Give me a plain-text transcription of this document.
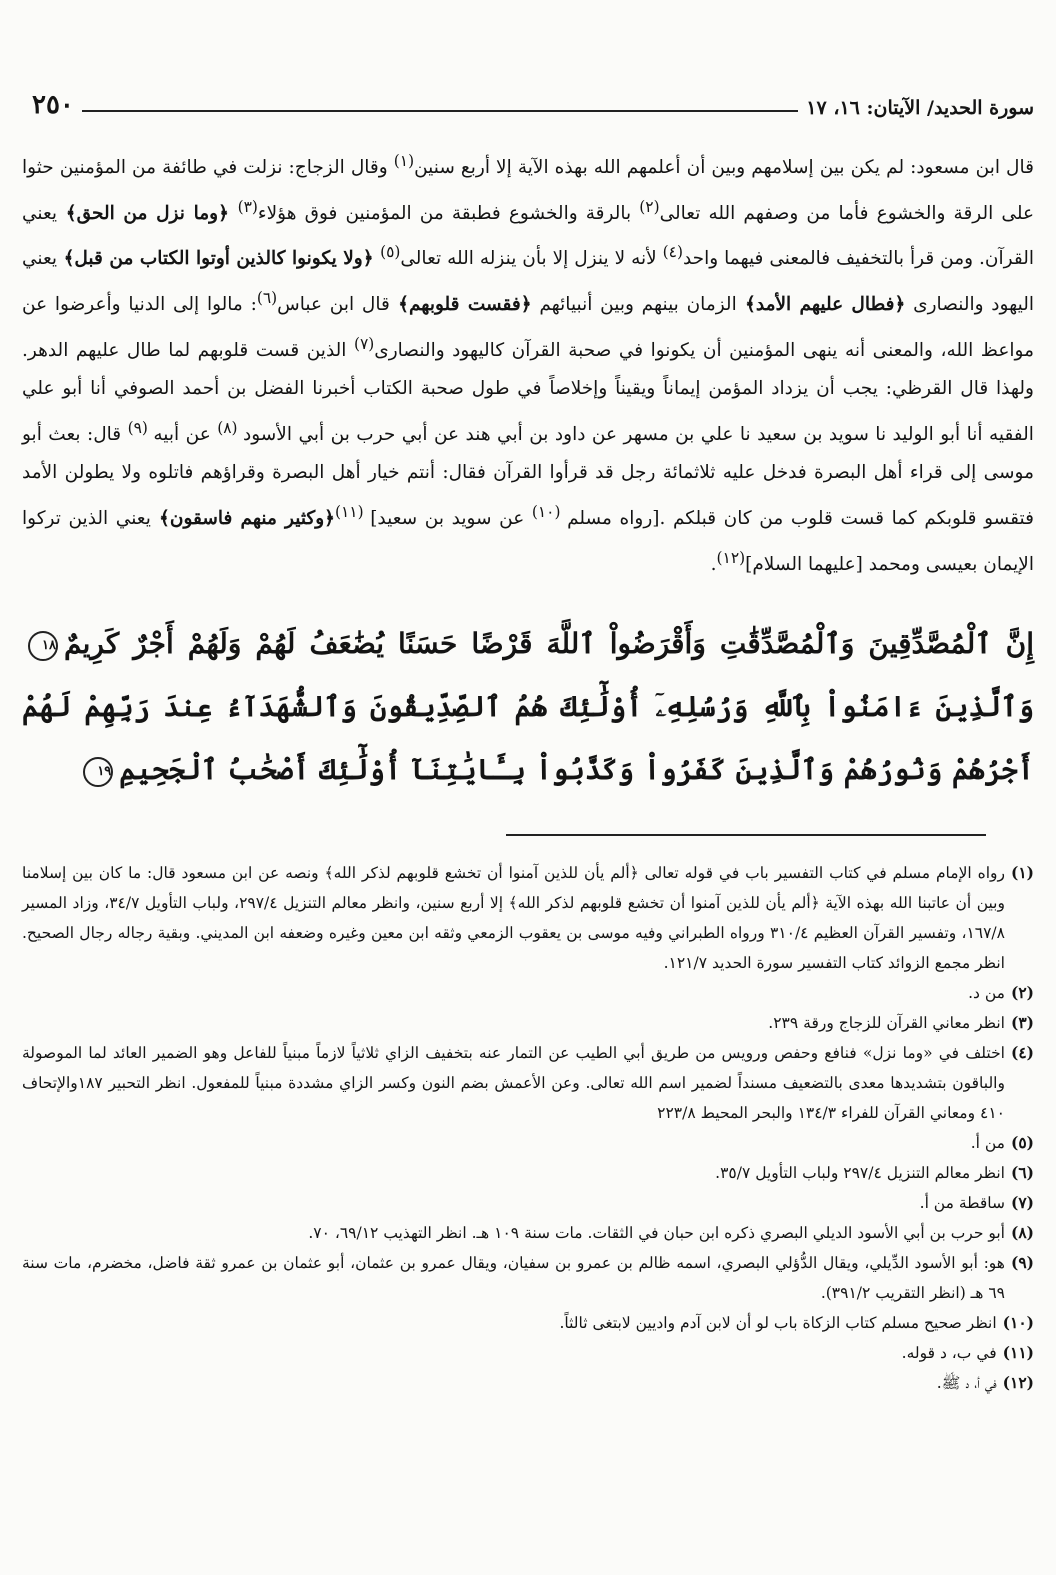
سورة الحديد/ الآيتان: ١٦، ١٧
٢٥٠

قال ابن مسعود: لم يكن بين إسلامهم وبين أن أعلمهم الله بهذه الآية إلا أربع سنين$^{(١)}$ وقال الزجاج: نزلت في طائفة من المؤمنين حثوا على الرقة والخشوع فأما من وصفهم الله تعالى$^{(٢)}$ بالرقة والخشوع فطبقة من المؤمنين فوق هؤلاء$^{(٣)}$ ﴿وما نزل من الحق﴾ يعني القرآن. ومن قرأ بالتخفيف فالمعنى فيهما واحد$^{(٤)}$ لأنه لا ينزل إلا بأن ينزله الله تعالى$^{(٥)}$ ﴿ولا يكونوا كالذين أوتوا الكتاب من قبل﴾ يعني اليهود والنصارى ﴿فطال عليهم الأمد﴾ الزمان بينهم وبين أنبيائهم ﴿فقست قلوبهم﴾ قال ابن عباس$^{(٦)}$: مالوا إلى الدنيا وأعرضوا عن مواعظ الله، والمعنى أنه ينهى المؤمنين أن يكونوا في صحبة القرآن كاليهود والنصارى$^{(٧)}$ الذين قست قلوبهم لما طال عليهم الدهر. ولهذا قال القرظي: يجب أن يزداد المؤمن إيماناً ويقيناً وإخلاصاً في طول صحبة الكتاب أخبرنا الفضل بن أحمد الصوفي أنا أبو علي الفقيه أنا أبو الوليد نا سويد بن سعيد نا علي بن مسهر عن داود بن أبي هند عن أبي حرب بن أبي الأسود $^{(٨)}$ عن أبيه $^{(٩)}$ قال: بعث أبو موسى إلى قراء أهل البصرة فدخل عليه ثلاثمائة رجل قد قرأوا القرآن فقال: أنتم خيار أهل البصرة وقراؤهم فاتلوه ولا يطولن الأمد فتقسو قلوبكم كما قست قلوب من كان قبلكم .[رواه مسلم $^{(١٠)}$ عن سويد بن سعيد] $^{(١١)}$﴿وكثير منهم فاسقون﴾ يعني الذين تركوا الإيمان بعيسى ومحمد [عليهما السلام]$^{(١٢)}$.

إِنَّ ٱلْمُصَّدِّقِينَ وَٱلْمُصَّدِّقَٰتِ وَأَقْرَضُواْ ٱللَّهَ قَرْضًا حَسَنًا يُضَٰعَفُ لَهُمْ وَلَهُمْ أَجْرٌ كَرِيمٌ١٨وَٱلَّذِينَ ءَامَنُواْ بِٱللَّهِ وَرُسُلِهِۦٓ أُوْلَٰٓئِكَ هُمُ ٱلصِّدِّيقُونَ وَٱلشُّهَدَآءُ عِندَ رَبِّهِمْ لَهُمْ أَجْرُهُمْ وَنُورُهُمْ وَٱلَّذِينَ كَفَرُواْ وَكَذَّبُواْ بِـَٔايَٰتِنَآ أُوْلَٰٓئِكَ أَصْحَٰبُ ٱلْجَحِيمِ١٩
(١)
رواه الإمام مسلم في كتاب التفسير باب في قوله تعالى ﴿ألم يأن للذين آمنوا أن تخشع قلوبهم لذكر الله﴾ ونصه عن ابن مسعود قال: ما كان بين إسلامنا وبين أن عاتبنا الله بهذه الآية ﴿ألم يأن للذين آمنوا أن تخشع قلوبهم لذكر الله﴾ إلا أربع سنين، وانظر معالم التنزيل ٢٩٧/٤، ولباب التأويل ٣٤/٧، وزاد المسير ١٦٧/٨، وتفسير القرآن العظيم ٣١٠/٤ ورواه الطبراني وفيه موسى بن يعقوب الزمعي وثقه ابن معين وغيره وضعفه ابن المديني. وبقية رجاله رجال الصحيح. انظر مجمع الزوائد كتاب التفسير سورة الحديد ١٢١/٧.
(٢)
من د.
(٣)
انظر معاني القرآن للزجاج ورقة ٢٣٩.
(٤)
اختلف في «وما نزل» فنافع وحفص ورويس من طريق أبي الطيب عن التمار عنه بتخفيف الزاي ثلاثياً لازماً مبنياً للفاعل وهو الضمير العائد لما الموصولة والباقون بتشديدها معدى بالتضعيف مسنداً لضمير اسم الله تعالى. وعن الأعمش بضم النون وكسر الزاي مشددة مبنياً للمفعول. انظر التحبير ١٨٧والإتحاف ٤١٠ ومعاني القرآن للفراء ١٣٤/٣ والبحر المحيط ٢٢٣/٨
(٥)
من أ.
(٦)
انظر معالم التنزيل ٢٩٧/٤ ولباب التأويل ٣٥/٧.
(٧)
ساقطة من أ.
(٨)
أبو حرب بن أبي الأسود الديلي البصري ذكره ابن حبان في الثقات. مات سنة ١٠٩ هـ. انظر التهذيب ٦٩/١٢، ٧٠.
(٩)
هو: أبو الأسود الدِّيلي، ويقال الدُّؤلي البصري، اسمه ظالم بن عمرو بن سفيان، ويقال عمرو بن عثمان، أبو عثمان بن عمرو ثقة فاضل، مخضرم، مات سنة ٦٩ هـ (انظر التقريب ٣٩١/٢).
(١٠)
انظر صحيح مسلم كتاب الزكاة باب لو أن لابن آدم واديين لابتغى ثالثاً.
(١١)
في ب، د قوله.
(١٢)
في أ، د ﷺ.
